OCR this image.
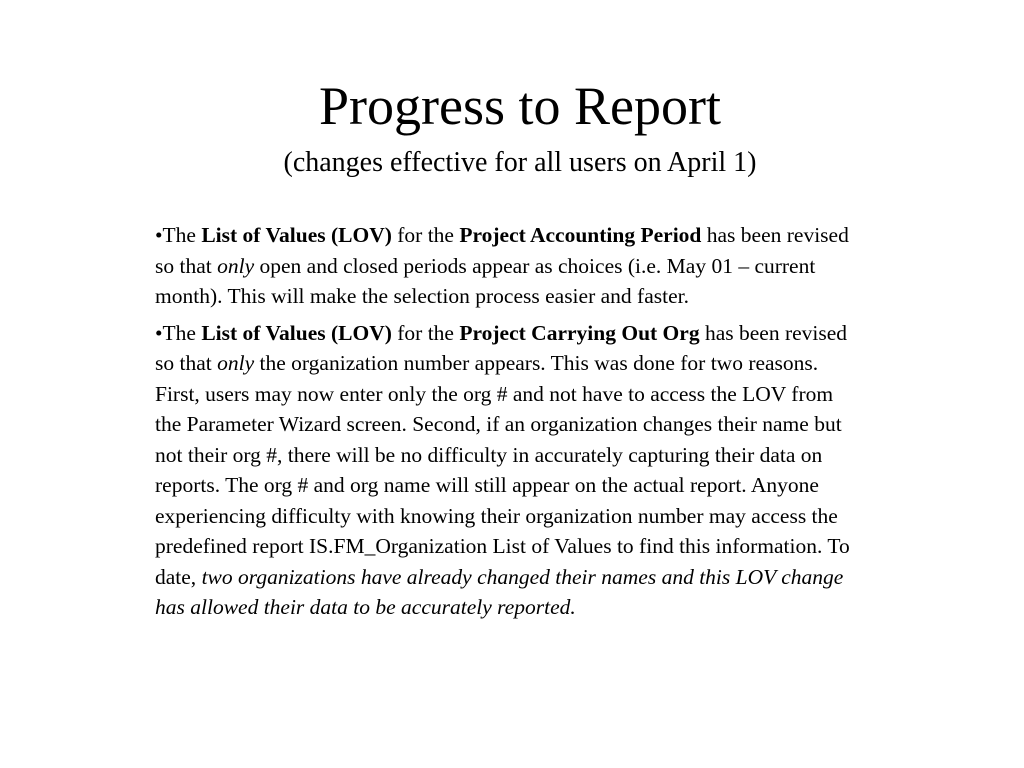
Progress to Report
(changes effective for all users on April 1)

•The List of Values (LOV) for the Project Accounting Period has been revised so that only open and closed periods appear as choices (i.e. May 01 – current month). This will make the selection process easier and faster.

•The List of Values (LOV) for the Project Carrying Out Org has been revised so that only the organization number appears. This was done for two reasons. First, users may now enter only the org # and not have to access the LOV from the Parameter Wizard screen. Second, if an organization changes their name but not their org #, there will be no difficulty in accurately capturing their data on reports. The org # and org name will still appear on the actual report. Anyone experiencing difficulty with knowing their organization number may access the predefined report IS.FM_Organization List of Values to find this information. To date, two organizations have already changed their names and this LOV change has allowed their data to be accurately reported.
